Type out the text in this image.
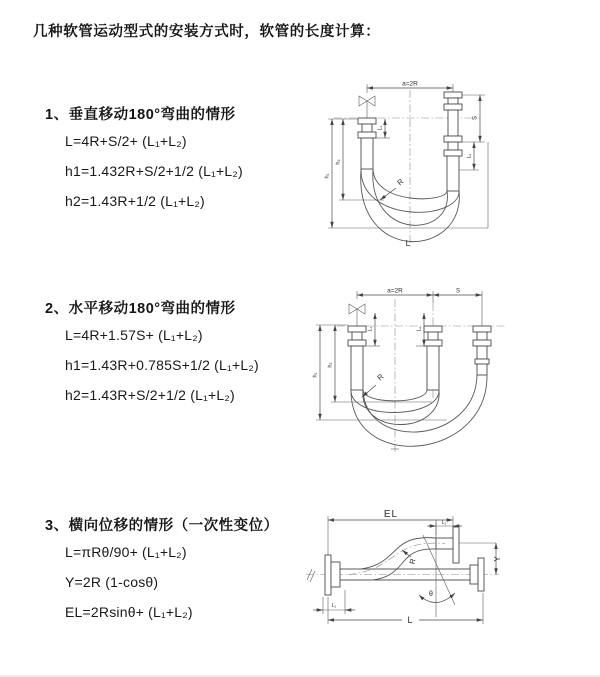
几种软管运动型式的安装方式时，软管的长度计算：
1、垂直移动180°弯曲的情形
L=4R+S/2+ (L₁+L₂)
h1=1.432R+S/2+1/2 (L₁+L₂)
h2=1.43R+1/2 (L₁+L₂)
2、水平移动180°弯曲的情形
L=4R+1.57S+ (L₁+L₂)
h1=1.43R+0.785S+1/2 (L₁+L₂)
h2=1.43R+S/2+1/2 (L₁+L₂)
3、横向位移的情形（一次性变位）
L=πRθ/90+ (L₁+L₂)
Y=2R (1-cosθ)
EL=2Rsinθ+ (L₁+L₂)
a=2R
h₂
h₁
L₁
S
L₂
R
L
a=2R	S
L₁	L₂
h₂
h₁	R
EL
L₂
Y
θ
R
L₁
L
